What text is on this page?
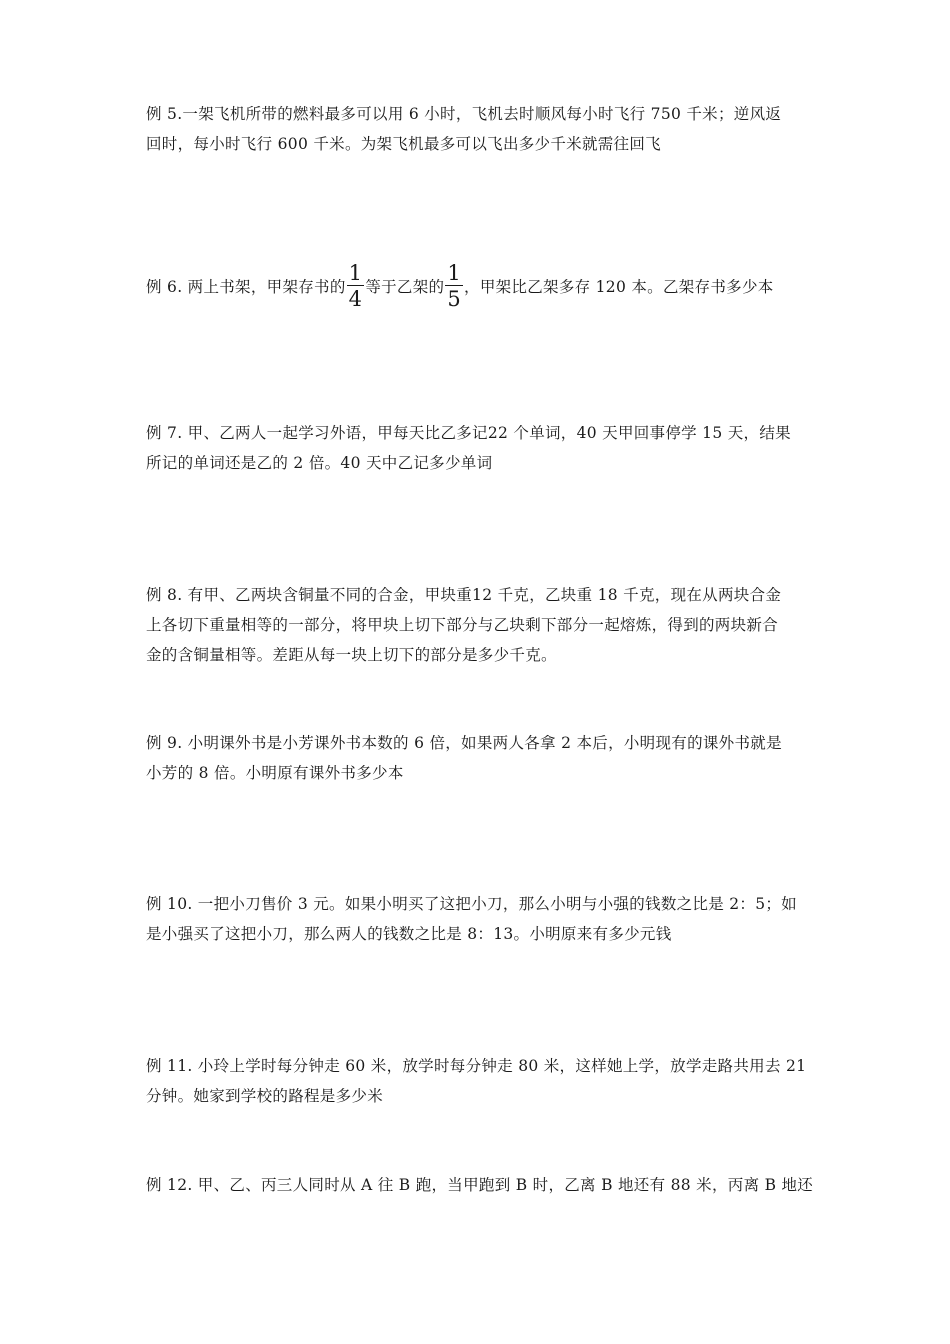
例 5.一架飞机所带的燃料最多可以用 6 小时，飞机去时顺风每小时飞行 750 千米；逆风返
回时，每小时飞行 600 千米。为架飞机最多可以飞出多少千米就需往回飞
例 6. 两上书架，甲架存书的 $\frac{1}{4}$ 等于乙架的 $\frac{1}{5}$ ，甲架比乙架多存 120 本。乙架存书多少本
例 7. 甲、乙两人一起学习外语，甲每天比乙多记22 个单词，40 天甲回事停学 15 天，结果
所记的单词还是乙的 2 倍。40 天中乙记多少单词
例 8. 有甲、乙两块含铜量不同的合金，甲块重12 千克，乙块重 18 千克，现在从两块合金
上各切下重量相等的一部分，将甲块上切下部分与乙块剩下部分一起熔炼，得到的两块新合
金的含铜量相等。差距从每一块上切下的部分是多少千克。
例 9. 小明课外书是小芳课外书本数的 6 倍，如果两人各拿 2 本后，小明现有的课外书就是
小芳的 8 倍。小明原有课外书多少本
例 10. 一把小刀售价 3 元。如果小明买了这把小刀，那么小明与小强的钱数之比是 2：5；如
是小强买了这把小刀，那么两人的钱数之比是 8：13。小明原来有多少元钱
例 11. 小玲上学时每分钟走 60 米，放学时每分钟走 80 米，这样她上学，放学走路共用去 21
分钟。她家到学校的路程是多少米
例 12. 甲、乙、丙三人同时从 A 往 B 跑，当甲跑到 B 时，乙离 B 地还有 88 米，丙离 B 地还
